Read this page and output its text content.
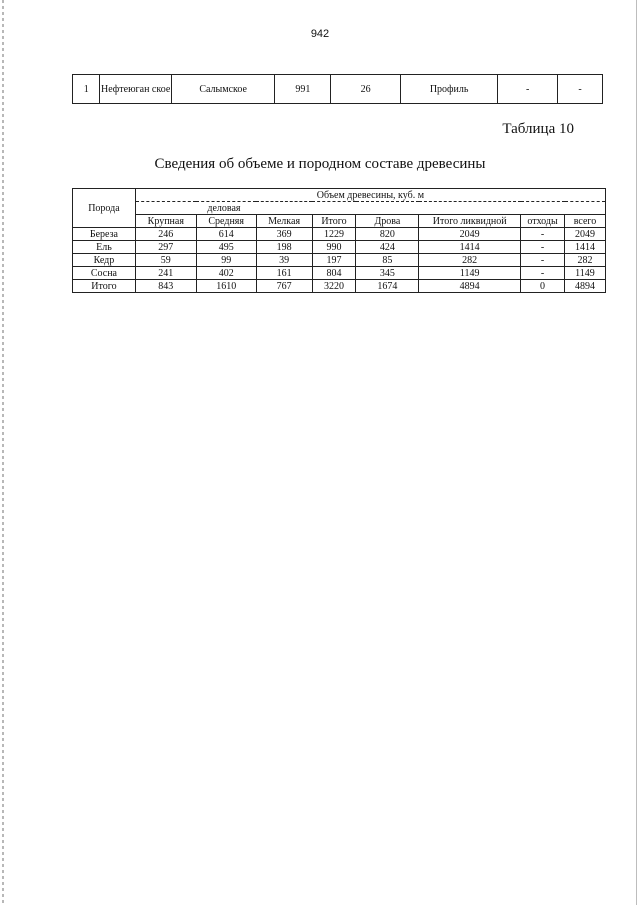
942
1	Нефтеюган ское	Салымское	991	26	Профиль	-	-
Таблица 10
Сведения об объеме и породном составе древесины
Порода	Объем древесины, куб. м							
	деловая							
	Крупная	Средняя	Мелкая	Итого	Дрова	Итого ликвидной	отходы	всего
Береза	246	614	369	1229	820	2049	-	2049
Ель	297	495	198	990	424	1414	-	1414
Кедр	59	99	39	197	85	282	-	282
Сосна	241	402	161	804	345	1149	-	1149
Итого	843	1610	767	3220	1674	4894	0	4894
